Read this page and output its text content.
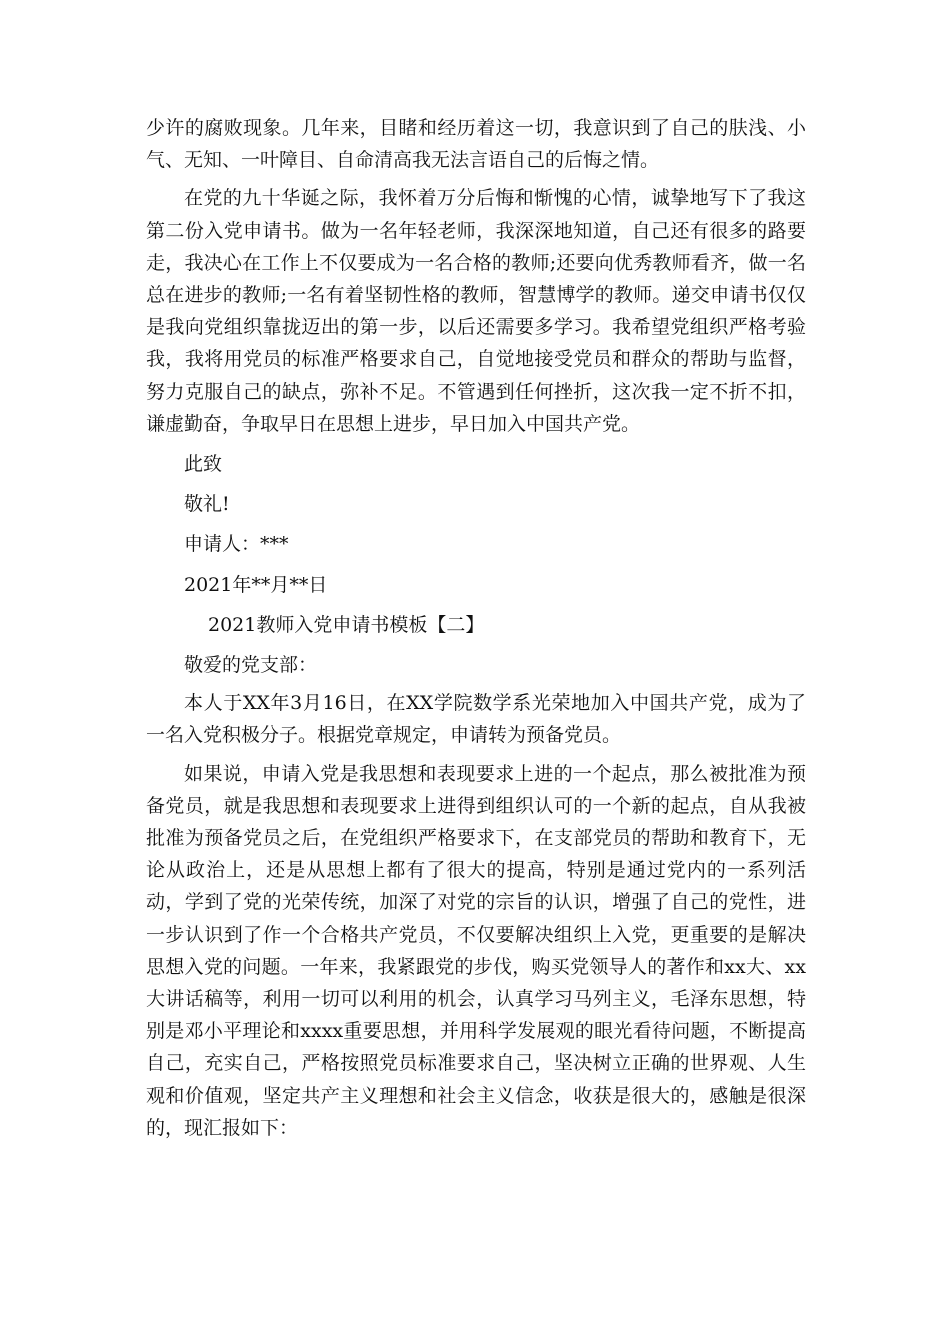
少许的腐败现象。几年来，目睹和经历着这一切，我意识到了自己的肤浅、小气、无知、一叶障目、自命清高我无法言语自己的后悔之情。

在党的九十华诞之际，我怀着万分后悔和惭愧的心情，诚挚地写下了我这第二份入党申请书。做为一名年轻老师，我深深地知道，自己还有很多的路要走，我决心在工作上不仅要成为一名合格的教师;还要向优秀教师看齐，做一名总在进步的教师;一名有着坚韧性格的教师，智慧博学的教师。递交申请书仅仅是我向党组织靠拢迈出的第一步，以后还需要多学习。我希望党组织严格考验我，我将用党员的标准严格要求自己，自觉地接受党员和群众的帮助与监督，努力克服自己的缺点，弥补不足。不管遇到任何挫折，这次我一定不折不扣，谦虚勤奋，争取早日在思想上进步，早日加入中国共产党。

此致

敬礼!

申请人：***

2021年**月**日

2021教师入党申请书模板【二】

敬爱的党支部：

本人于XX年3月16日，在XX学院数学系光荣地加入中国共产党，成为了一名入党积极分子。根据党章规定，申请转为预备党员。

如果说，申请入党是我思想和表现要求上进的一个起点，那么被批准为预备党员，就是我思想和表现要求上进得到组织认可的一个新的起点，自从我被批准为预备党员之后，在党组织严格要求下，在支部党员的帮助和教育下，无论从政治上，还是从思想上都有了很大的提高，特别是通过党内的一系列活动，学到了党的光荣传统，加深了对党的宗旨的认识，增强了自己的党性，进一步认识到了作一个合格共产党员，不仅要解决组织上入党，更重要的是解决思想入党的问题。一年来，我紧跟党的步伐，购买党领导人的著作和xx大、xx大讲话稿等，利用一切可以利用的机会，认真学习马列主义，毛泽东思想，特别是邓小平理论和xxxx重要思想，并用科学发展观的眼光看待问题，不断提高自己，充实自己，严格按照党员标准要求自己，坚决树立正确的世界观、人生观和价值观，坚定共产主义理想和社会主义信念，收获是很大的，感触是很深的，现汇报如下：
